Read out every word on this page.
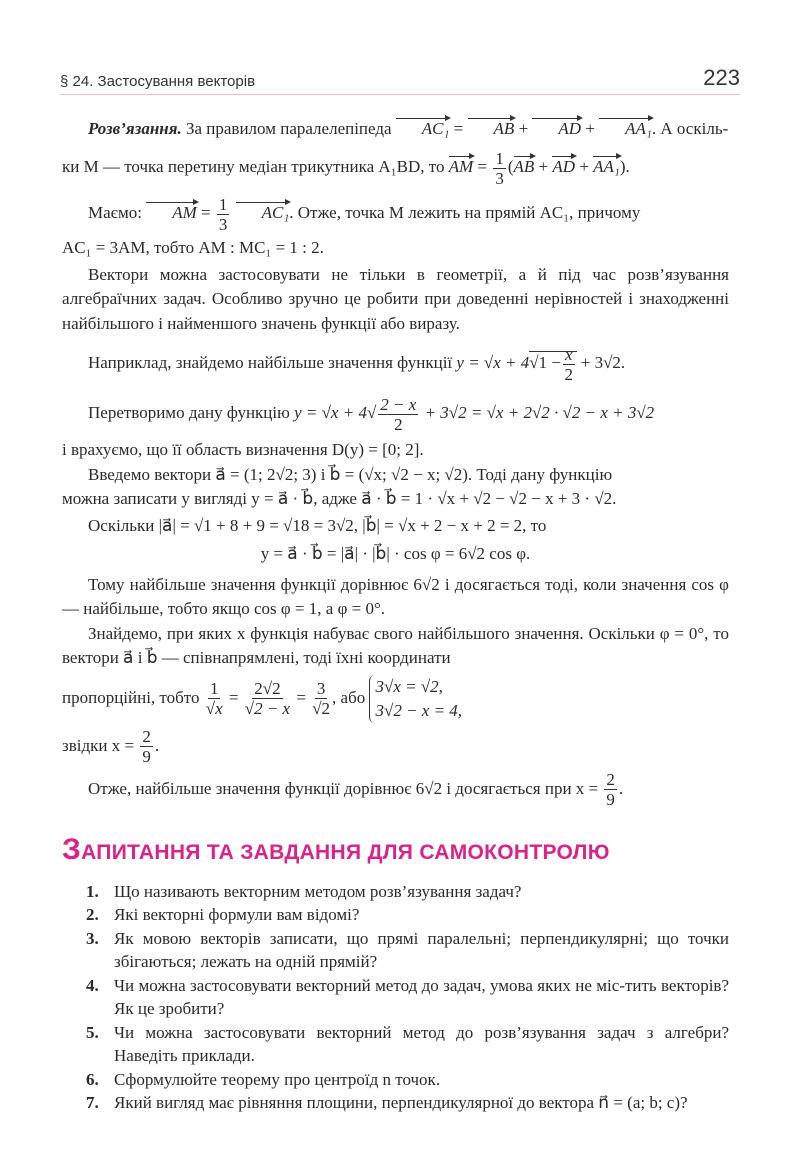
§ 24. Застосування векторів	223

Розв’язання. За правилом паралелепіпеда AC₁ = AB + AD + AA₁. А оскіль-

ки M — точка перетину медіан трикутника A₁BD, то AM = $\frac{1}{3} (AB$ + AD + AA₁).

Маємо: AM = $\frac{1}{3} AC_1$. Отже, точка M лежить на прямій AC₁, причому

AC₁ = 3AM, тобто AM : MC₁ = 1 : 2.

Вектори можна застосовувати не тільки в геометрії, а й під час розв’язування алгебраїчних задач. Особливо зручно це робити при доведенні нерівностей і знаходженні найбільшого і найменшого значень функції або виразу.

Наприклад, знайдемо найбільше значення функції $y = √x + 4√1 - \frac{x}{2} + 3√2$.

Перетворимо дану функцію $y = √x + 4√ \frac{2 - x}{2} + 3√2 = √x + 2√2 \cdot √2 - x + 3√2$

і врахуємо, що її область визначення D(y) = [0; 2].

Введемо вектори a⃗ = (1; 2√2; 3) і b⃗ = (√x; √2 − x; √2). Тоді дану функцію

можна записати у вигляді y = a⃗ · b⃗, адже a⃗ · b⃗ = 1 · √x + √2 − √2 − x + 3 · √2.

Оскільки |a⃗| = √1 + 8 + 9 = √18 = 3√2, |b⃗| = √x + 2 − x + 2 = 2, то

y = a⃗ · b⃗ = |a⃗| · |b⃗| · cos φ = 6√2 cos φ.

Тому найбільше значення функції дорівнює 6√2 і досягається тоді, коли значення cos φ — найбільше, тобто якщо cos φ = 1, а φ = 0°.

Знайдемо, при яких x функція набуває свого найбільшого значення. Оскільки φ = 0°, то вектори a⃗ і b⃗ — співнапрямлені, тоді їхні координати

пропорційні, тобто $\frac{1}{√x} = \frac{2√2}{√2 - x} = \frac{3}{√2}$ , або
3√x = √2,
3√2 − x = 4,

звідки $x = \frac{2}{9}$ .

Отже, найбільше значення функції дорівнює 6√2 і досягається при $x = \frac{2}{9}$ .

ЗАПИТАННЯ ТА ЗАВДАННЯ ДЛЯ САМОКОНТРОЛЮ
1. Що називають векторним методом розв’язування задач?
2. Які векторні формули вам відомі?
3. Як мовою векторів записати, що прямі паралельні; перпендикулярні; що точки збігаються; лежать на одній прямій?
4. Чи можна застосовувати векторний метод до задач, умова яких не міс-тить векторів? Як це зробити?
5. Чи можна застосовувати векторний метод до розв’язування задач з алгебри? Наведіть приклади.
6. Сформулюйте теорему про центроїд n точок.
7. Який вигляд має рівняння площини, перпендикулярної до вектора n⃗ = (a; b; c)?
